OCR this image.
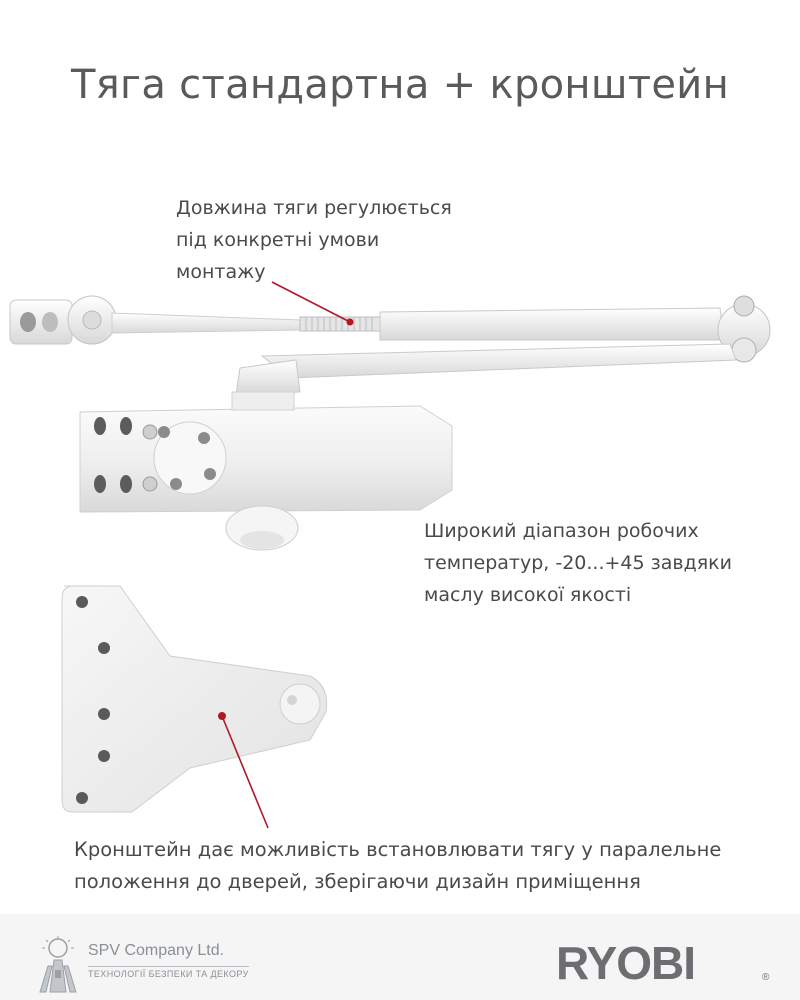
Тяга стандартна + кронштейн
Довжина тяги регулюється
під конкретні умови
монтажу
Широкий діапазон робочих
температур, -20...+45 завдяки
маслу високої якості
Кронштейн дає можливість встановлювати тягу у паралельне
положення до дверей, зберігаючи дизайн приміщення
SPV Company Ltd.
ТЕХНОЛОГІЇ БЕЗПЕКИ ТА ДЕКОРУ	RYOBI	®
